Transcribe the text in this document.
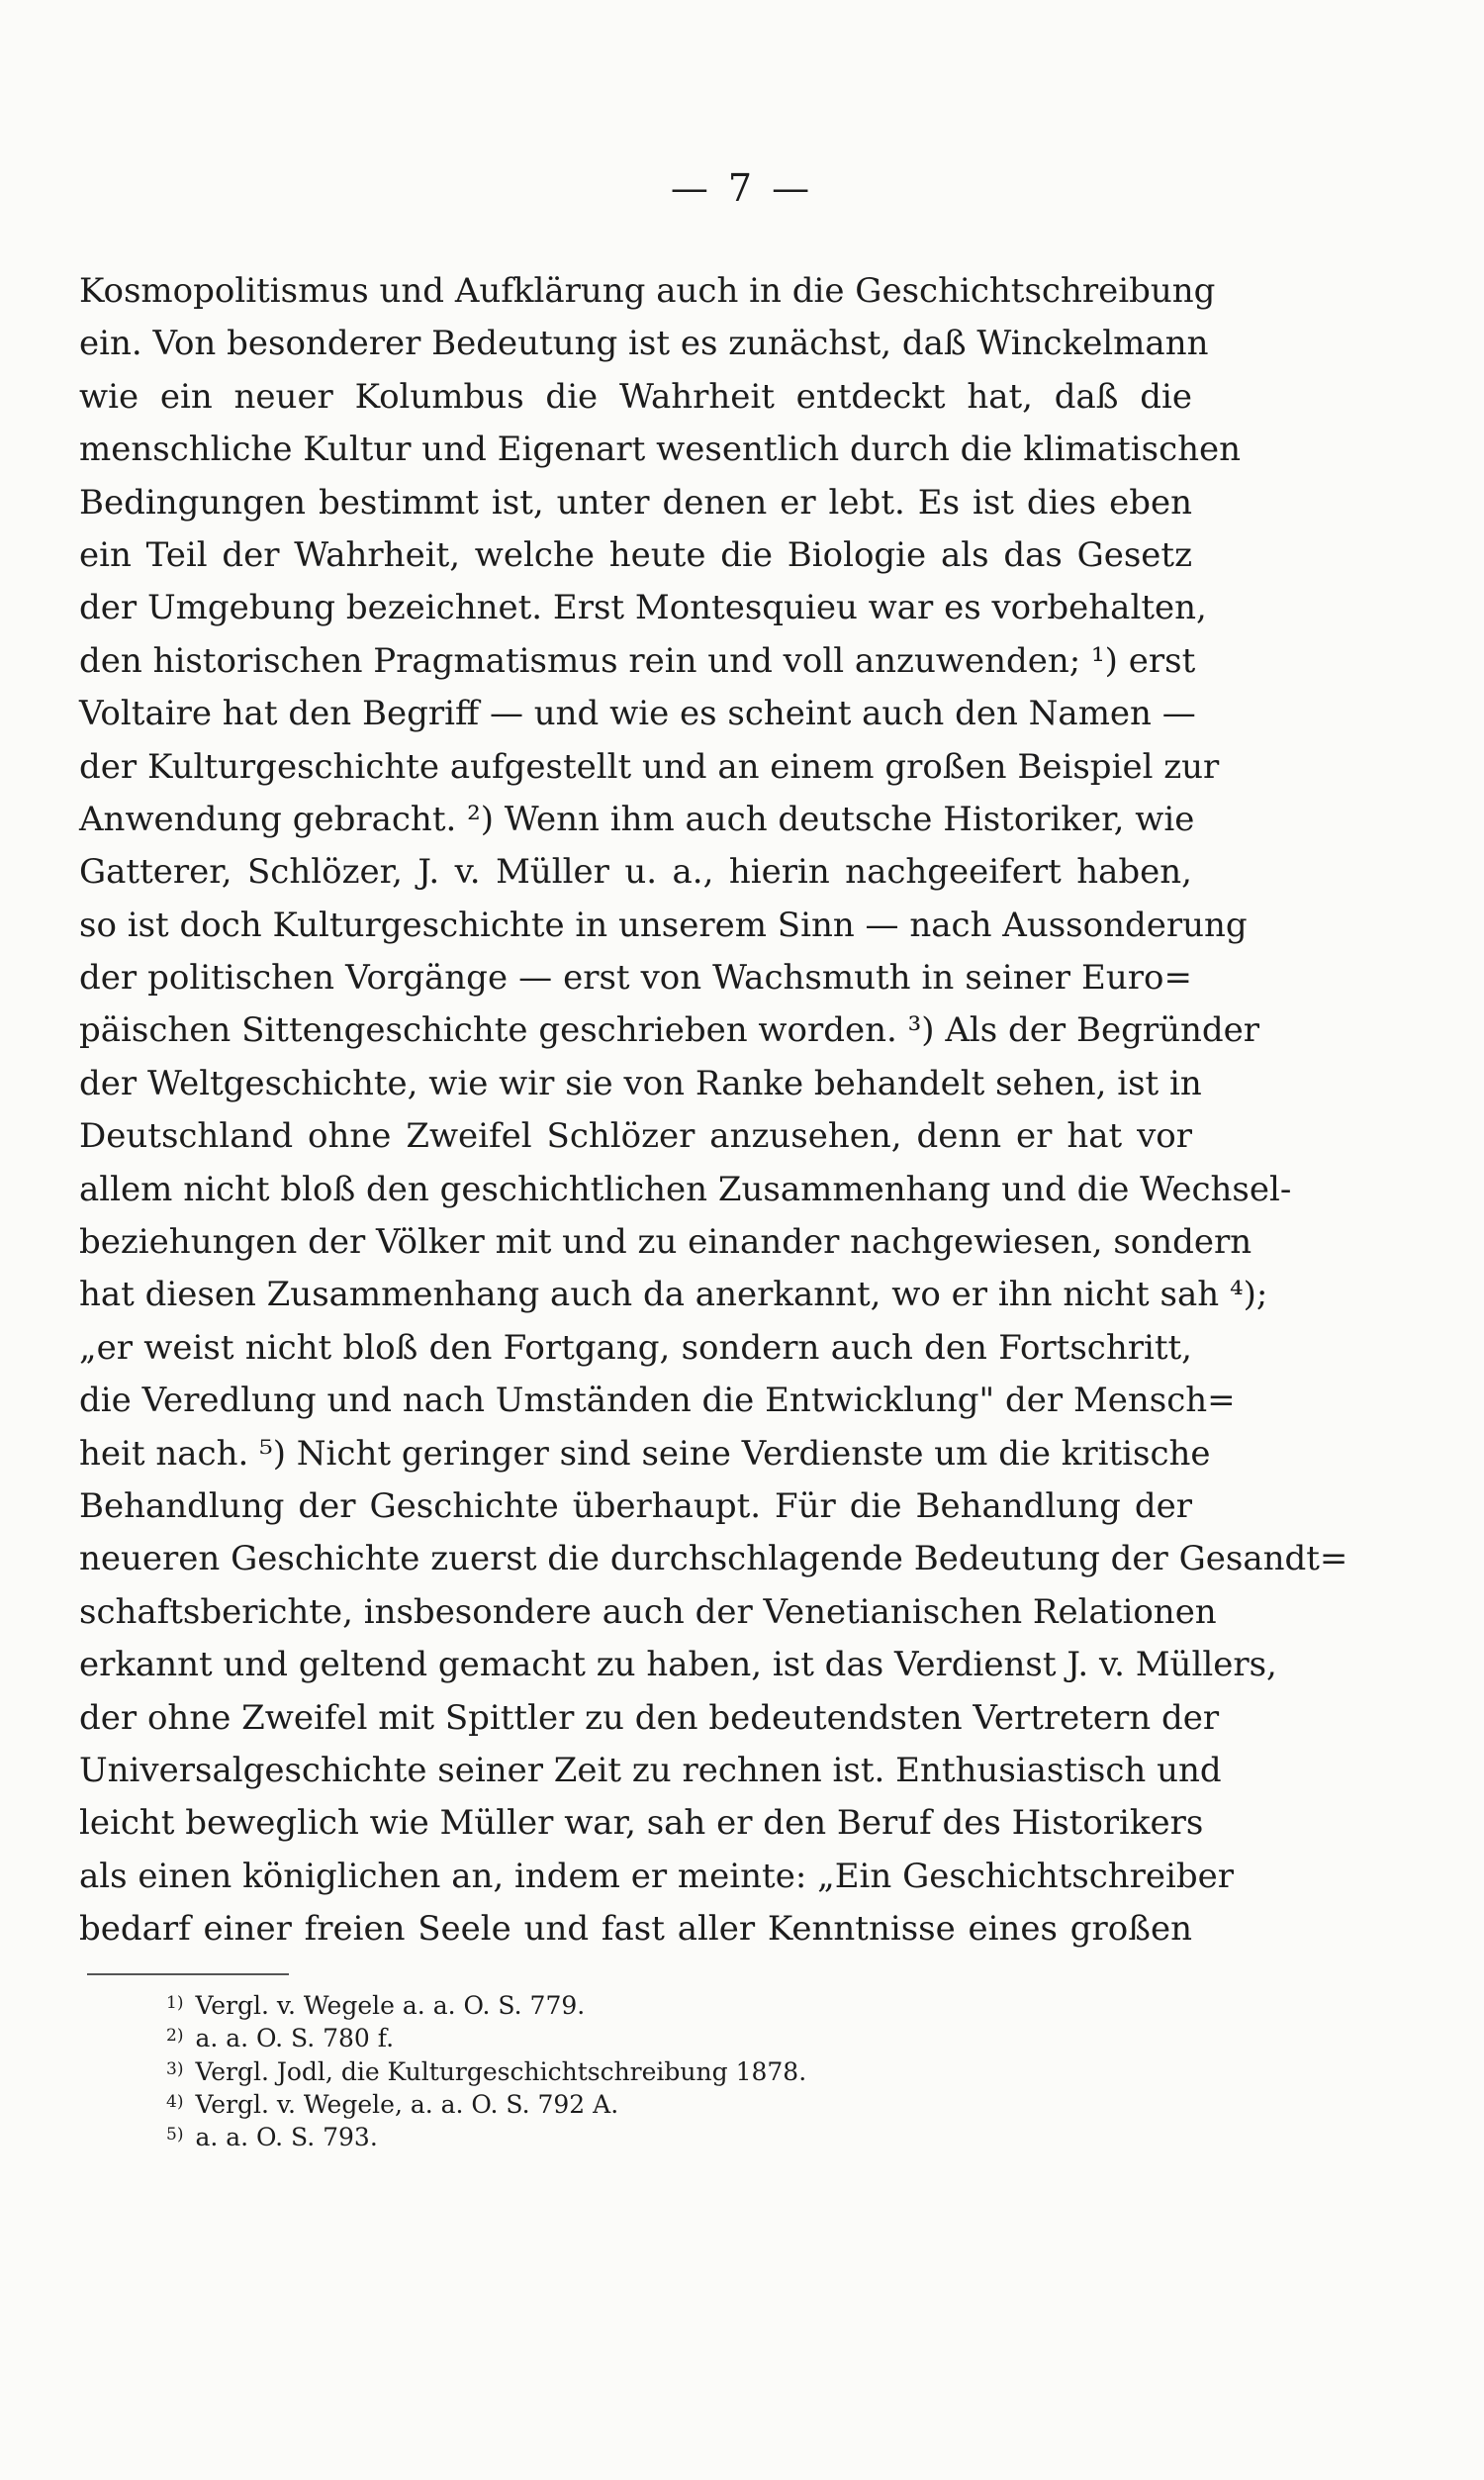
— 7 —
Kosmopolitismus und Aufklärung auch in die Geschichtschreibung
ein. Von besonderer Bedeutung ist es zunächst, daß Winckelmann
wie ein neuer Kolumbus die Wahrheit entdeckt hat, daß die
menschliche Kultur und Eigenart wesentlich durch die klimatischen
Bedingungen bestimmt ist, unter denen er lebt. Es ist dies eben
ein Teil der Wahrheit, welche heute die Biologie als das Gesetz
der Umgebung bezeichnet. Erst Montesquieu war es vorbehalten,
den historischen Pragmatismus rein und voll anzuwenden; ¹) erst
Voltaire hat den Begriff — und wie es scheint auch den Namen —
der Kulturgeschichte aufgestellt und an einem großen Beispiel zur
Anwendung gebracht. ²) Wenn ihm auch deutsche Historiker, wie
Gatterer, Schlözer, J. v. Müller u. a., hierin nachgeeifert haben,
so ist doch Kulturgeschichte in unserem Sinn — nach Aussonderung
der politischen Vorgänge — erst von Wachsmuth in seiner Euro=
päischen Sittengeschichte geschrieben worden. ³) Als der Begründer
der Weltgeschichte, wie wir sie von Ranke behandelt sehen, ist in
Deutschland ohne Zweifel Schlözer anzusehen, denn er hat vor
allem nicht bloß den geschichtlichen Zusammenhang und die Wechsel-
beziehungen der Völker mit und zu einander nachgewiesen, sondern
hat diesen Zusammenhang auch da anerkannt, wo er ihn nicht sah ⁴);
„er weist nicht bloß den Fortgang, sondern auch den Fortschritt,
die Veredlung und nach Umständen die Entwicklung" der Mensch=
heit nach. ⁵) Nicht geringer sind seine Verdienste um die kritische
Behandlung der Geschichte überhaupt. Für die Behandlung der
neueren Geschichte zuerst die durchschlagende Bedeutung der Gesandt=
schaftsberichte, insbesondere auch der Venetianischen Relationen
erkannt und geltend gemacht zu haben, ist das Verdienst J. v. Müllers,
der ohne Zweifel mit Spittler zu den bedeutendsten Vertretern der
Universalgeschichte seiner Zeit zu rechnen ist. Enthusiastisch und
leicht beweglich wie Müller war, sah er den Beruf des Historikers
als einen königlichen an, indem er meinte: „Ein Geschichtschreiber
bedarf einer freien Seele und fast aller Kenntnisse eines großen
$^{1)}$ Vergl. v. Wegele a. a. O. S. 779.
$^{2)}$ a. a. O. S. 780 f.
$^{3)}$ Vergl. Jodl, die Kulturgeschichtschreibung 1878.
$^{4)}$ Vergl. v. Wegele, a. a. O. S. 792 A.
$^{5)}$ a. a. O. S. 793.
